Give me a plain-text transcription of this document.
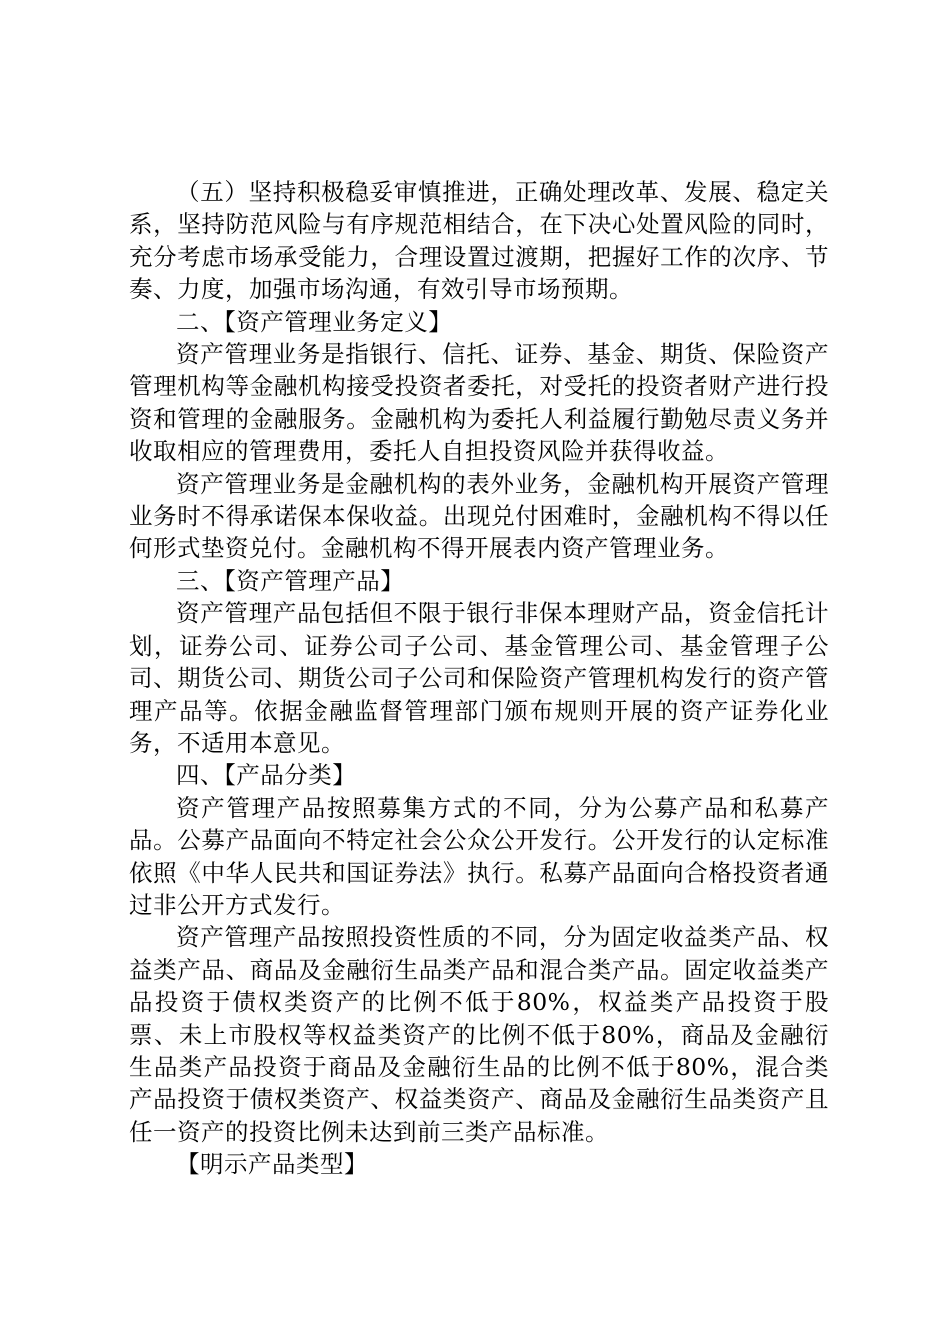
（五）坚持积极稳妥审慎推进，正确处理改革、发展、稳定关系，坚持防范风险与有序规范相结合，在下决心处置风险的同时，充分考虑市场承受能力，合理设置过渡期，把握好工作的次序、节奏、力度，加强市场沟通，有效引导市场预期。

二、【资产管理业务定义】

资产管理业务是指银行、信托、证券、基金、期货、保险资产管理机构等金融机构接受投资者委托，对受托的投资者财产进行投资和管理的金融服务。金融机构为委托人利益履行勤勉尽责义务并收取相应的管理费用，委托人自担投资风险并获得收益。

资产管理业务是金融机构的表外业务，金融机构开展资产管理业务时不得承诺保本保收益。出现兑付困难时，金融机构不得以任何形式垫资兑付。金融机构不得开展表内资产管理业务。

三、【资产管理产品】

资产管理产品包括但不限于银行非保本理财产品，资金信托计划，证券公司、证券公司子公司、基金管理公司、基金管理子公司、期货公司、期货公司子公司和保险资产管理机构发行的资产管理产品等。依据金融监督管理部门颁布规则开展的资产证券化业务，不适用本意见。

四、【产品分类】

资产管理产品按照募集方式的不同，分为公募产品和私募产品。公募产品面向不特定社会公众公开发行。公开发行的认定标准依照《中华人民共和国证券法》执行。私募产品面向合格投资者通过非公开方式发行。

资产管理产品按照投资性质的不同，分为固定收益类产品、权益类产品、商品及金融衍生品类产品和混合类产品。固定收益类产品投资于债权类资产的比例不低于80%，权益类产品投资于股票、未上市股权等权益类资产的比例不低于80%，商品及金融衍生品类产品投资于商品及金融衍生品的比例不低于80%，混合类产品投资于债权类资产、权益类资产、商品及金融衍生品类资产且任一资产的投资比例未达到前三类产品标准。

【明示产品类型】
